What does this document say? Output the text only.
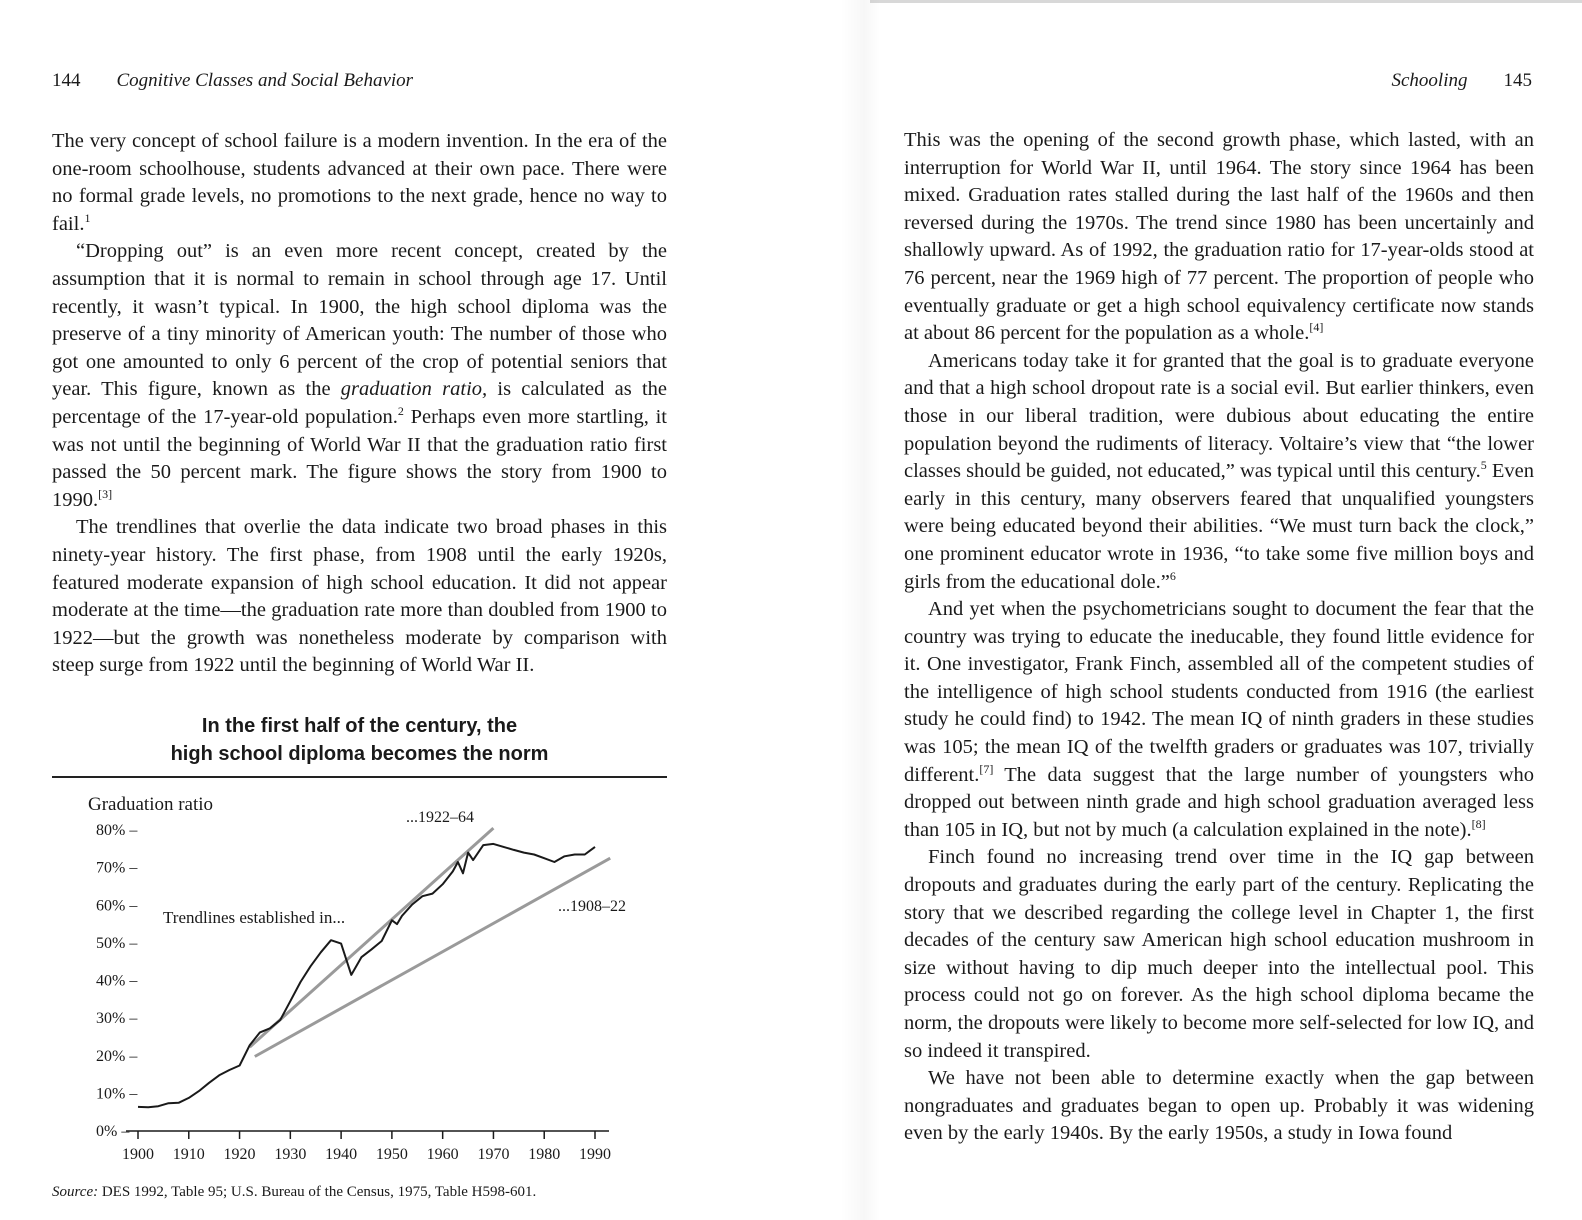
144 Cognitive Classes and Social Behavior

The very concept of school failure is a modern invention. In the era of the one-room schoolhouse, students advanced at their own pace. There were no formal grade levels, no promotions to the next grade, hence no way to fail.$^1$

“Dropping out” is an even more recent concept, created by the assumption that it is normal to remain in school through age 17. Until recently, it wasn’t typical. In 1900, the high school diploma was the preserve of a tiny minority of American youth: The number of those who got one amounted to only 6 percent of the crop of potential seniors that year. This figure, known as the graduation ratio, is calculated as the percentage of the 17-year-old population.$^2$ Perhaps even more startling, it was not until the beginning of World War II that the graduation ratio first passed the 50 percent mark. The figure shows the story from 1900 to 1990.[3]

The trendlines that overlie the data indicate two broad phases in this ninety-year history. The first phase, from 1908 until the early 1920s, featured moderate expansion of high school education. It did not appear moderate at the time—the graduation rate more than doubled from 1900 to 1922—but the growth was nonetheless moderate by comparison with steep surge from 1922 until the beginning of World War II.

In the first half of the century, the
high school diploma becomes the norm
Graduation ratio
0% –
10% –
20% –
30% –
40% –
50% –
60% –
70% –
80% –
1900 1910 1920 1930 1940 1950 1960 1970 1980 1990
Trendlines established in...
...1922–64
...1908–22
Source: DES 1992, Table 95; U.S. Bureau of the Census, 1975, Table H598-601.
Schooling 145

This was the opening of the second growth phase, which lasted, with an interruption for World War II, until 1964. The story since 1964 has been mixed. Graduation rates stalled during the last half of the 1960s and then reversed during the 1970s. The trend since 1980 has been uncertainly and shallowly upward. As of 1992, the graduation ratio for 17-year-olds stood at 76 percent, near the 1969 high of 77 percent. The proportion of people who eventually graduate or get a high school equivalency certificate now stands at about 86 percent for the population as a whole.[4]

Americans today take it for granted that the goal is to graduate everyone and that a high school dropout rate is a social evil. But earlier thinkers, even those in our liberal tradition, were dubious about educating the entire population beyond the rudiments of literacy. Voltaire’s view that “the lower classes should be guided, not educated,” was typical until this century.$^5$ Even early in this century, many observers feared that unqualified youngsters were being educated beyond their abilities. “We must turn back the clock,” one prominent educator wrote in 1936, “to take some five million boys and girls from the educational dole.”$^6$

And yet when the psychometricians sought to document the fear that the country was trying to educate the ineducable, they found little evidence for it. One investigator, Frank Finch, assembled all of the competent studies of the intelligence of high school students conducted from 1916 (the earliest study he could find) to 1942. The mean IQ of ninth graders in these studies was 105; the mean IQ of the twelfth graders or graduates was 107, trivially different.[7] The data suggest that the large number of youngsters who dropped out between ninth grade and high school graduation averaged less than 105 in IQ, but not by much (a calculation explained in the note).[8]

Finch found no increasing trend over time in the IQ gap between dropouts and graduates during the early part of the century. Replicating the story that we described regarding the college level in Chapter 1, the first decades of the century saw American high school education mushroom in size without having to dip much deeper into the intellectual pool. This process could not go on forever. As the high school diploma became the norm, the dropouts were likely to become more self-selected for low IQ, and so indeed it transpired.

We have not been able to determine exactly when the gap between nongraduates and graduates began to open up. Probably it was widening even by the early 1940s. By the early 1950s, a study in Iowa found
